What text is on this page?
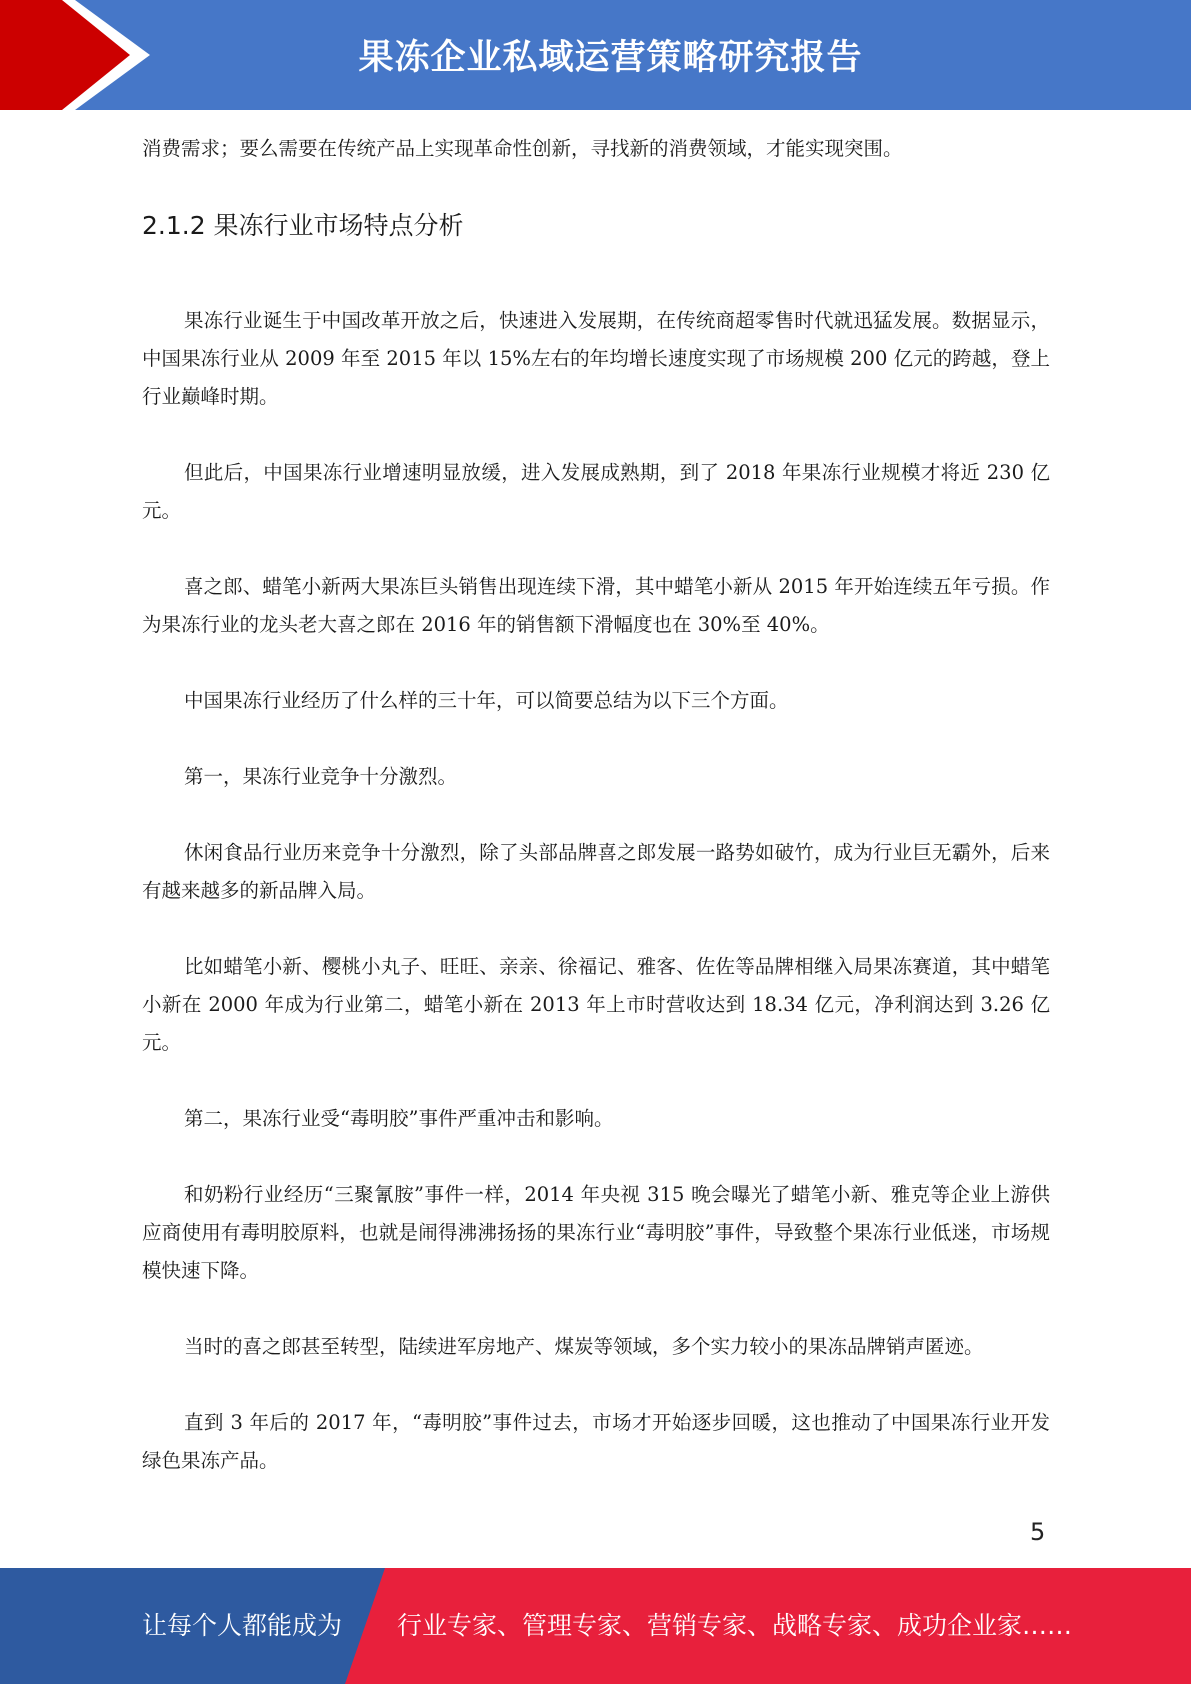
果冻企业私域运营策略研究报告

消费需求；要么需要在传统产品上实现革命性创新，寻找新的消费领域，才能实现突围。

2.1.2 果冻行业市场特点分析

果冻行业诞生于中国改革开放之后，快速进入发展期，在传统商超零售时代就迅猛发展。数据显示，中国果冻行业从 2009 年至 2015 年以 15%左右的年均增长速度实现了市场规模 200 亿元的跨越，登上行业巅峰时期。

但此后，中国果冻行业增速明显放缓，进入发展成熟期，到了 2018 年果冻行业规模才将近 230 亿元。

喜之郎、蜡笔小新两大果冻巨头销售出现连续下滑，其中蜡笔小新从 2015 年开始连续五年亏损。作为果冻行业的龙头老大喜之郎在 2016 年的销售额下滑幅度也在 30%至 40%。

中国果冻行业经历了什么样的三十年，可以简要总结为以下三个方面。

第一，果冻行业竞争十分激烈。

休闲食品行业历来竞争十分激烈，除了头部品牌喜之郎发展一路势如破竹，成为行业巨无霸外，后来有越来越多的新品牌入局。

比如蜡笔小新、樱桃小丸子、旺旺、亲亲、徐福记、雅客、佐佐等品牌相继入局果冻赛道，其中蜡笔小新在 2000 年成为行业第二，蜡笔小新在 2013 年上市时营收达到 18.34 亿元，净利润达到 3.26 亿元。

第二，果冻行业受“毒明胶”事件严重冲击和影响。

和奶粉行业经历“三聚氰胺”事件一样，2014 年央视 315 晚会曝光了蜡笔小新、雅克等企业上游供应商使用有毒明胶原料，也就是闹得沸沸扬扬的果冻行业“毒明胶”事件，导致整个果冻行业低迷，市场规模快速下降。

当时的喜之郎甚至转型，陆续进军房地产、煤炭等领域，多个实力较小的果冻品牌销声匿迹。

直到 3 年后的 2017 年，“毒明胶”事件过去，市场才开始逐步回暖，这也推动了中国果冻行业开发绿色果冻产品。

5
让每个人都能成为 行业专家、管理专家、营销专家、战略专家、成功企业家……
